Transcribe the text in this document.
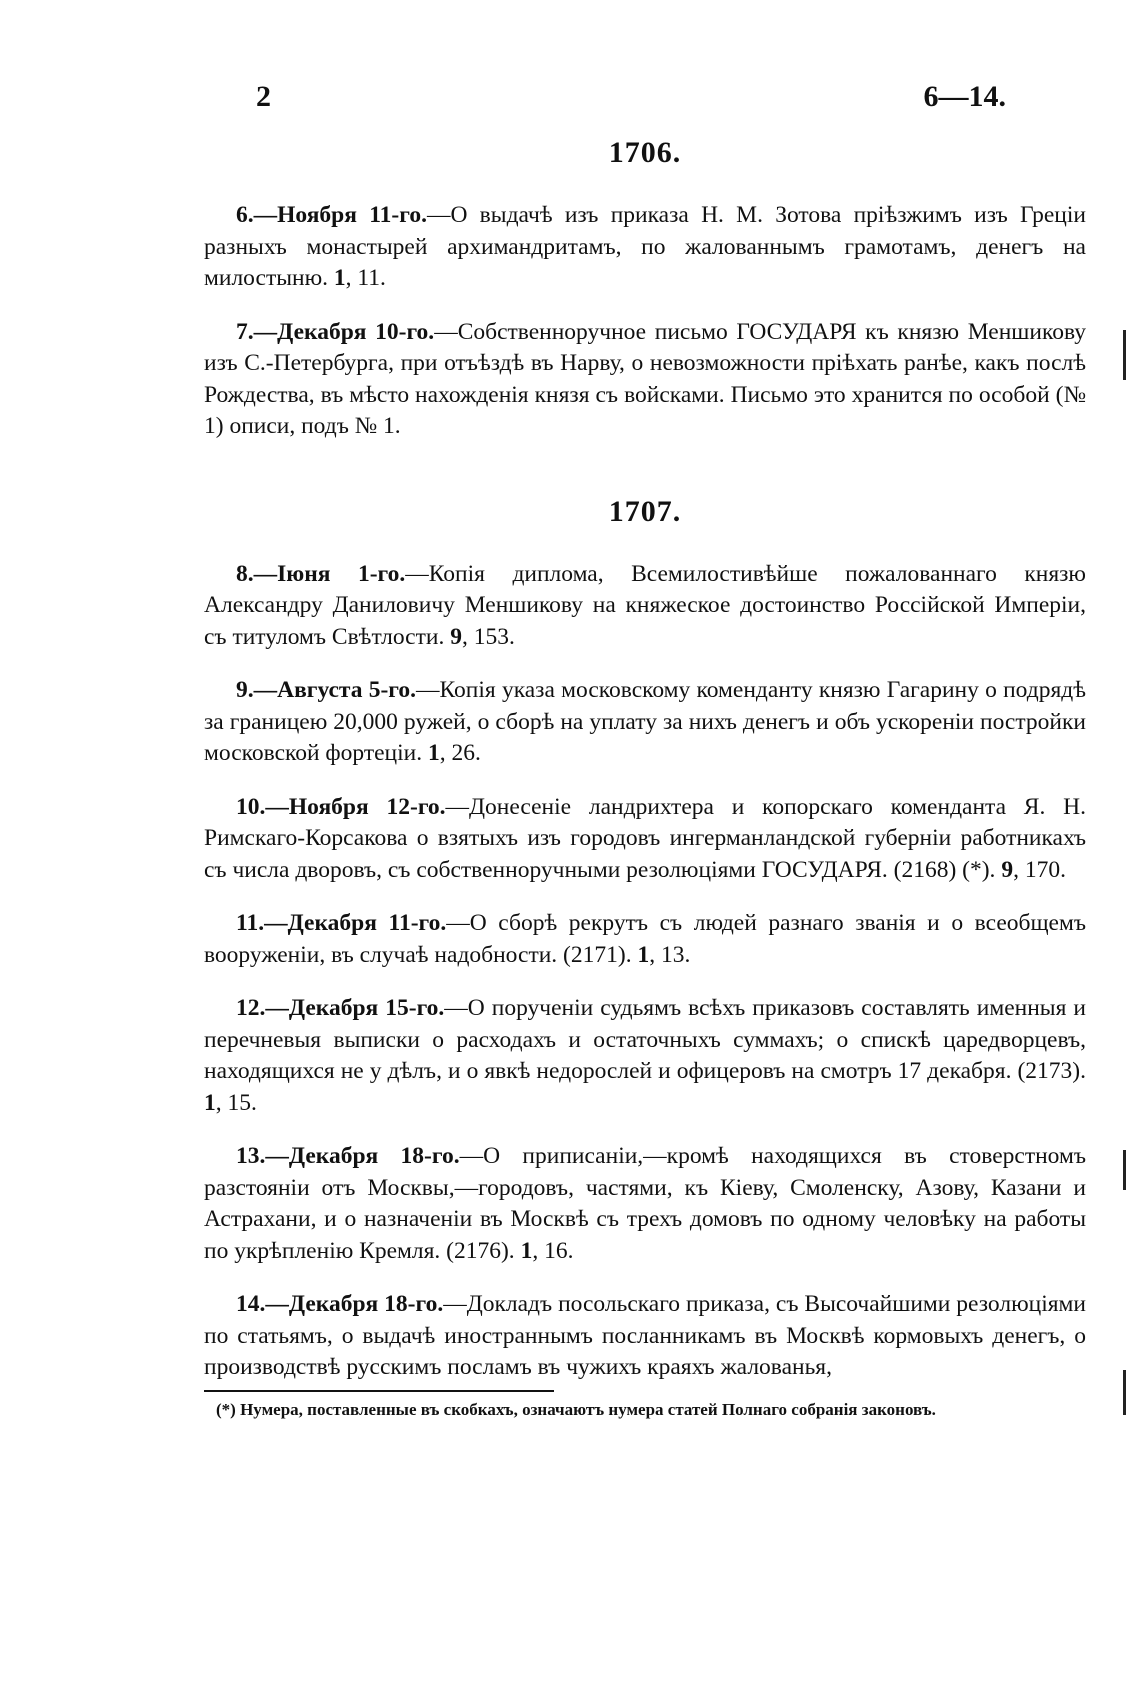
2	6—14.
1706.

6.—Ноября 11-го.—О выдачѣ изъ приказа Н. М. Зотова пріѣзжимъ изъ Греціи разныхъ монастырей архимандритамъ, по жалованнымъ грамотамъ, денегъ на милостыню. 1, 11.

7.—Декабря 10-го.—Собственноручное письмо ГОСУДАРЯ къ князю Меншикову изъ С.-Петербурга, при отъѣздѣ въ Нарву, о невозможности пріѣхать ранѣе, какъ послѣ Рождества, въ мѣсто нахожденія князя съ войсками. Письмо это хранится по особой (№ 1) описи, подъ № 1.

1707.

8.—Іюня 1-го.—Копія диплома, Всемилостивѣйше пожалованнаго князю Александру Даниловичу Меншикову на княжеское достоинство Россійской Имперіи, съ титуломъ Свѣтлости. 9, 153.

9.—Августа 5-го.—Копія указа московскому коменданту князю Гагарину о подрядѣ за границею 20,000 ружей, о сборѣ на уплату за нихъ денегъ и объ ускореніи постройки московской фортеціи. 1, 26.

10.—Ноября 12-го.—Донесеніе ландрихтера и копорскаго коменданта Я. Н. Римскаго-Корсакова о взятыхъ изъ городовъ ингерманландской губерніи работникахъ съ числа дворовъ, съ собственноручными резолюціями ГОСУДАРЯ. (2168) (*). 9, 170.

11.—Декабря 11-го.—О сборѣ рекрутъ съ людей разнаго званія и о всеобщемъ вооруженіи, въ случаѣ надобности. (2171). 1, 13.

12.—Декабря 15-го.—О порученіи судьямъ всѣхъ приказовъ составлять именныя и перечневыя выписки о расходахъ и остаточныхъ суммахъ; о спискѣ царедворцевъ, находящихся не у дѣлъ, и о явкѣ недорослей и офицеровъ на смотръ 17 декабря. (2173). 1, 15.

13.—Декабря 18-го.—О приписаніи,—кромѣ находящихся въ стоверстномъ разстояніи отъ Москвы,—городовъ, частями, къ Кіеву, Смоленску, Азову, Казани и Астрахани, и о назначеніи въ Москвѣ съ трехъ домовъ по одному человѣку на работы по укрѣпленію Кремля. (2176). 1, 16.

14.—Декабря 18-го.—Докладъ посольскаго приказа, съ Высочайшими резолюціями по статьямъ, о выдачѣ иностраннымъ посланникамъ въ Москвѣ кормовыхъ денегъ, о производствѣ русскимъ посламъ въ чужихъ краяхъ жалованья,

(*) Нумера, поставленные въ скобкахъ, означаютъ нумера статей Полнаго собранія законовъ.
